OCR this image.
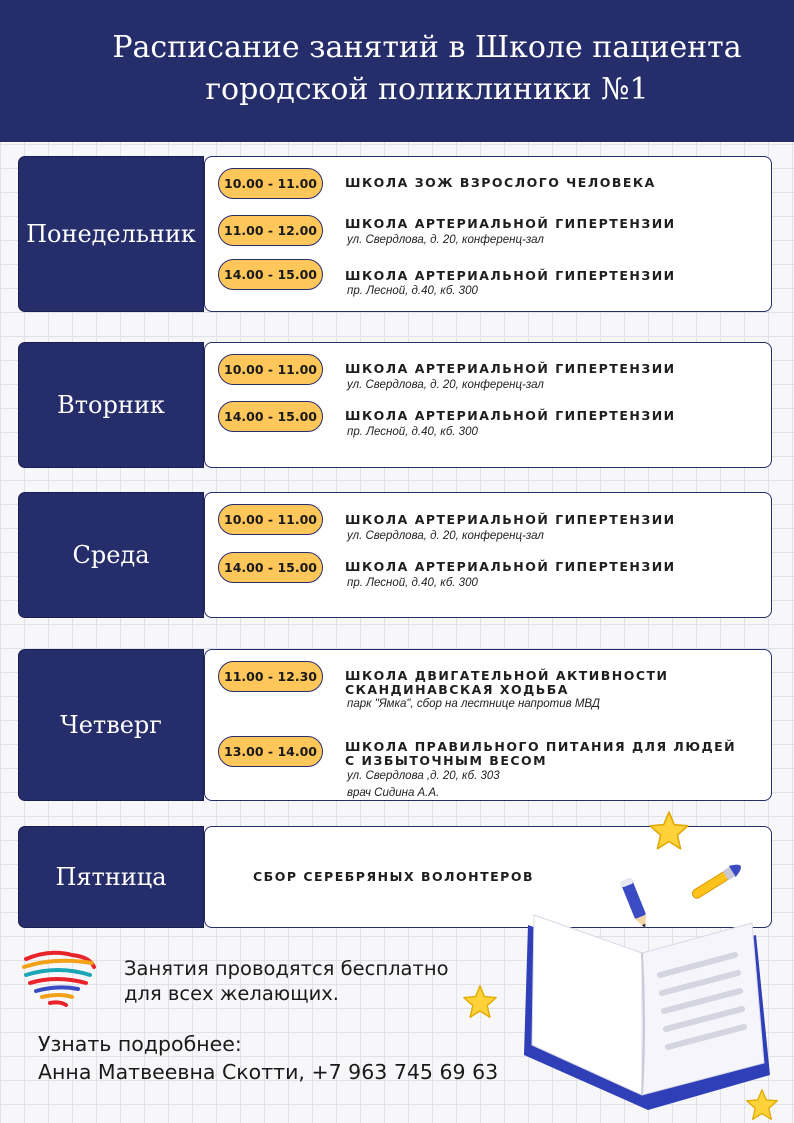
Расписание занятий в Школе пациента
городской поликлиники №1
Понедельник
10.00 - 11.00	ШКОЛА ЗОЖ ВЗРОСЛОГО ЧЕЛОВЕКА
11.00 - 12.00	ШКОЛА АРТЕРИАЛЬНОЙ ГИПЕРТЕНЗИИ
ул. Свердлова, д. 20, конференц-зал
14.00 - 15.00	ШКОЛА АРТЕРИАЛЬНОЙ ГИПЕРТЕНЗИИ
пр. Лесной, д.40, кб. 300
Вторник
10.00 - 11.00	ШКОЛА АРТЕРИАЛЬНОЙ ГИПЕРТЕНЗИИ
ул. Свердлова, д. 20, конференц-зал
14.00 - 15.00	ШКОЛА АРТЕРИАЛЬНОЙ ГИПЕРТЕНЗИИ
пр. Лесной, д.40, кб. 300
Среда
10.00 - 11.00	ШКОЛА АРТЕРИАЛЬНОЙ ГИПЕРТЕНЗИИ
ул. Свердлова, д. 20, конференц-зал
14.00 - 15.00	ШКОЛА АРТЕРИАЛЬНОЙ ГИПЕРТЕНЗИИ
пр. Лесной, д.40, кб. 300
Четверг
11.00 - 12.30	ШКОЛА ДВИГАТЕЛЬНОЙ АКТИВНОСТИ
СКАНДИНАВСКАЯ ХОДЬБА
парк "Ямка", сбор на лестнице напротив МВД
13.00 - 14.00	ШКОЛА ПРАВИЛЬНОГО ПИТАНИЯ ДЛЯ ЛЮДЕЙ
С ИЗБЫТОЧНЫМ ВЕСОМ
ул. Свердлова ,д. 20, кб. 303
врач Сидина А.А.
Пятница	СБОР СЕРЕБРЯНЫХ ВОЛОНТЕРОВ
Занятия проводятся бесплатно
для всех желающих.
Узнать подробнее:
Анна Матвеевна Скотти, +7 963 745 69 63
